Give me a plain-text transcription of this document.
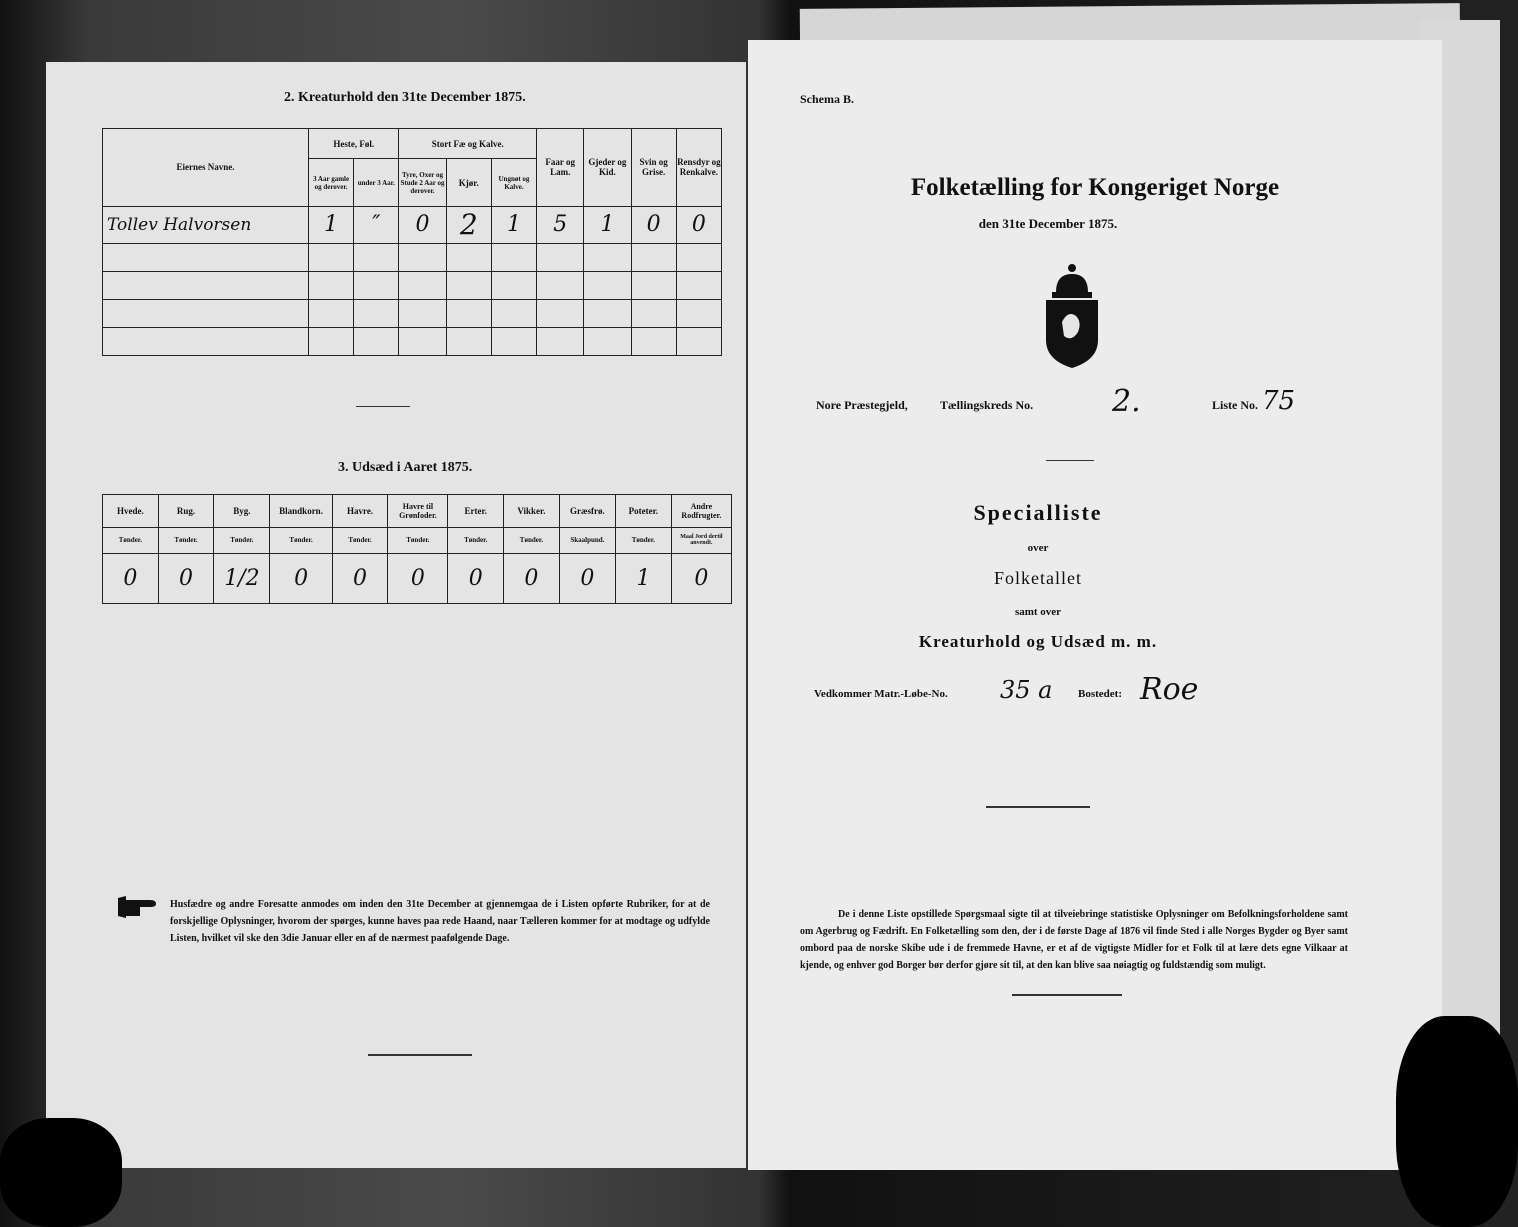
2. Kreaturhold den 31te December 1875.
Eiernes Navne.	Heste, Føl.		Stort Fæ og Kalve.			Faar og Lam.	Gjeder og Kid.	Svin og Grise.	Rensdyr og Renkalve.
	3 Aar gamle og derover.	under 3 Aar.	Tyre, Oxer og Stude 2 Aar og derover.	Kjør.	Ungnøt og Kalve.				
Tollev Halvorsen	1	″	0	2	1	5	1	0	0

3. Udsæd i Aaret 1875.
Hvede.	Rug.	Byg.	Blandkorn.	Havre.	Havre til Grønfoder.	Erter.	Vikker.	Græsfrø.	Poteter.	Andre Rodfrugter.
Tønder.	Tønder.	Tønder.	Tønder.	Tønder.	Tønder.	Tønder.	Tønder.	Skaalpund.	Tønder.	Maal Jord dertil anvendt.
0	0	1/2	0	0	0	0	0	0	1	0
Husfædre og andre Foresatte anmodes om inden den 31te December at gjennemgaa de i Listen opførte Rubriker, for at de forskjellige Oplysninger, hvorom der spørges, kunne haves paa rede Haand, naar Tælleren kommer for at modtage og udfylde Listen, hvilket vil ske den 3die Januar eller en af de nærmest paafølgende Dage.
Schema B.
Folketælling for Kongeriget Norge
den 31te December 1875.
Nore Præstegjeld,	Tællingskreds No.	2.	Liste No. 75
Specialliste
over
Folketallet
samt over
Kreaturhold og Udsæd m. m.
Vedkommer Matr.-Løbe-No. 35 a Bostedet: Roe
De i denne Liste opstillede Spørgsmaal sigte til at tilveiebringe statistiske Oplysninger om Befolkningsforholdene samt om Agerbrug og Fædrift. En Folketælling som den, der i de første Dage af 1876 vil finde Sted i alle Norges Bygder og Byer samt ombord paa de norske Skibe ude i de fremmede Havne, er et af de vigtigste Midler for et Folk til at lære dets egne Vilkaar at kjende, og enhver god Borger bør derfor gjøre sit til, at den kan blive saa nøiagtig og fuldstændig som muligt.
